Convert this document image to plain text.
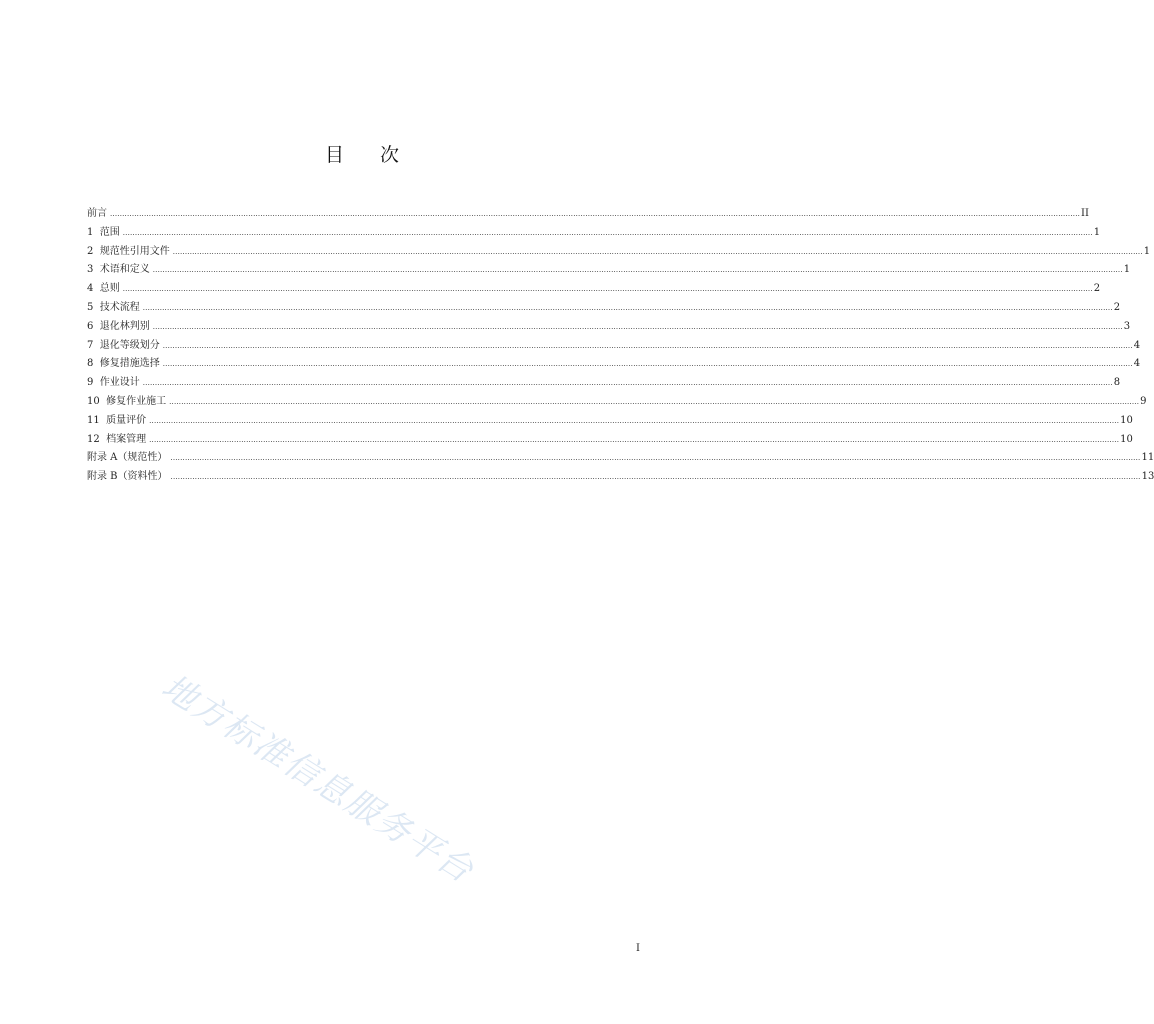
目 次
前言 ................................................................................................................................................................................................................................................................................................................................................................................................................ II
1  范围 ................................................................................................................................................................................................................................................................................................................................................................................................................ 1
2  规范性引用文件 ................................................................................................................................................................................................................................................................................................................................................................................................................ 1
3  术语和定义 ................................................................................................................................................................................................................................................................................................................................................................................................................ 1
4  总则 ................................................................................................................................................................................................................................................................................................................................................................................................................ 2
5  技术流程 ................................................................................................................................................................................................................................................................................................................................................................................................................ 2
6  退化林判别 ................................................................................................................................................................................................................................................................................................................................................................................................................ 3
7  退化等级划分 ................................................................................................................................................................................................................................................................................................................................................................................................................ 4
8  修复措施选择 ................................................................................................................................................................................................................................................................................................................................................................................................................ 4
9  作业设计 ................................................................................................................................................................................................................................................................................................................................................................................................................ 8
10  修复作业施工 ................................................................................................................................................................................................................................................................................................................................................................................................................ 9
11  质量评价 ................................................................................................................................................................................................................................................................................................................................................................................................................ 10
12  档案管理 ................................................................................................................................................................................................................................................................................................................................................................................................................ 10
附录 A（规范性） ................................................................................................................................................................................................................................................................................................................................................................................................................ 11
附录 B（资料性） ................................................................................................................................................................................................................................................................................................................................................................................................................ 13
地方标准信息服务平台
I
